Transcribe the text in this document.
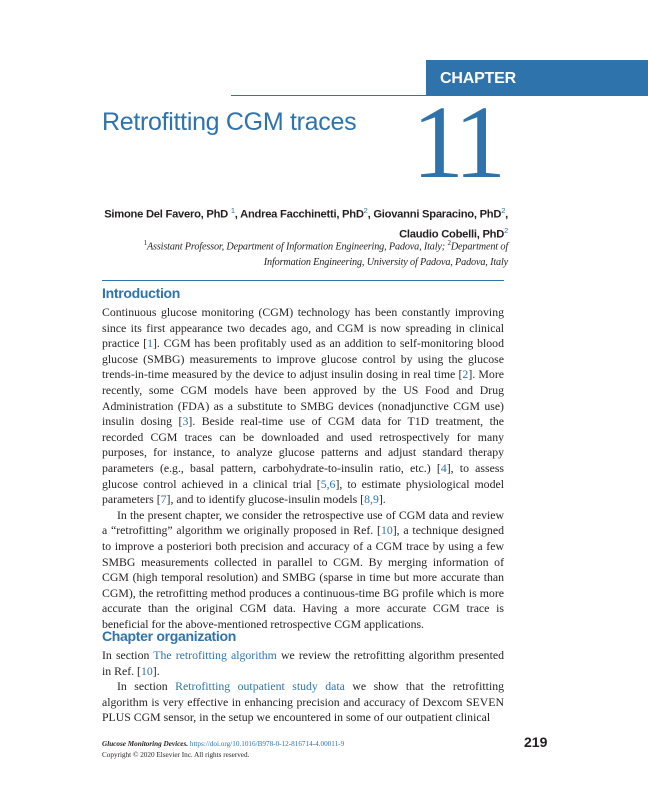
CHAPTER
Retrofitting CGM traces 11
Simone Del Favero, PhD $^1$, Andrea Facchinetti, PhD$^2$, Giovanni Sparacino, PhD$^2$,
Claudio Cobelli, PhD$^2$
$^1$Assistant Professor, Department of Information Engineering, Padova, Italy; $^2$Department of
Information Engineering, University of Padova, Padova, Italy
Introduction

Continuous glucose monitoring (CGM) technology has been constantly improving since its first appearance two decades ago, and CGM is now spreading in clinical practice [1]. CGM has been profitably used as an addition to self-monitoring blood glucose (SMBG) measurements to improve glucose control by using the glucose trends-in-time measured by the device to adjust insulin dosing in real time [2]. More recently, some CGM models have been approved by the US Food and Drug Administration (FDA) as a substitute to SMBG devices (nonadjunctive CGM use) insulin dosing [3]. Beside real-time use of CGM data for T1D treatment, the recorded CGM traces can be downloaded and used retrospectively for many purposes, for instance, to analyze glucose patterns and adjust standard therapy parameters (e.g., basal pattern, carbohydrate-to-insulin ratio, etc.) [4], to assess glucose control achieved in a clinical trial [5,6], to estimate physiological model parameters [7], and to identify glucose-insulin models [8,9].

In the present chapter, we consider the retrospective use of CGM data and review a “retrofitting” algorithm we originally proposed in Ref. [10], a technique designed to improve a posteriori both precision and accuracy of a CGM trace by using a few SMBG measurements collected in parallel to CGM. By merging information of CGM (high temporal resolution) and SMBG (sparse in time but more accurate than CGM), the retrofitting method produces a continuous-time BG profile which is more accurate than the original CGM data. Having a more accurate CGM trace is beneficial for the above-mentioned retrospective CGM applications.

Chapter organization

In section The retrofitting algorithm we review the retrofitting algorithm presented in Ref. [10].

In section Retrofitting outpatient study data we show that the retrofitting algorithm is very effective in enhancing precision and accuracy of Dexcom SEVEN PLUS CGM sensor, in the setup we encountered in some of our outpatient clinical

Glucose Monitoring Devices. https://doi.org/10.1016/B978-0-12-816714-4.00011-9
Copyright © 2020 Elsevier Inc. All rights reserved.
219
